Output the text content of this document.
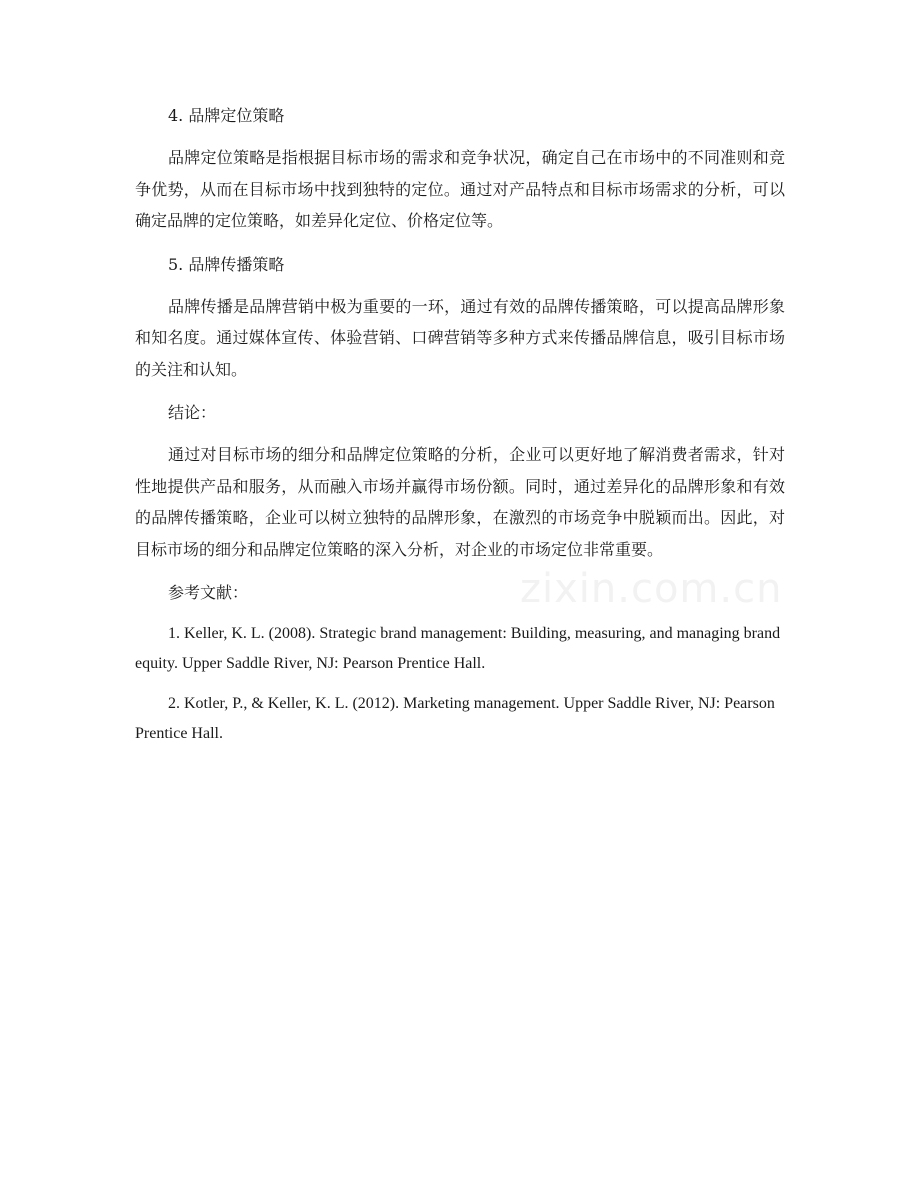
4. 品牌定位策略

品牌定位策略是指根据目标市场的需求和竞争状况，确定自己在市场中的不同准则和竞争优势，从而在目标市场中找到独特的定位。通过对产品特点和目标市场需求的分析，可以确定品牌的定位策略，如差异化定位、价格定位等。

5. 品牌传播策略

品牌传播是品牌营销中极为重要的一环，通过有效的品牌传播策略，可以提高品牌形象和知名度。通过媒体宣传、体验营销、口碑营销等多种方式来传播品牌信息，吸引目标市场的关注和认知。

结论：

通过对目标市场的细分和品牌定位策略的分析，企业可以更好地了解消费者需求，针对性地提供产品和服务，从而融入市场并赢得市场份额。同时，通过差异化的品牌形象和有效的品牌传播策略，企业可以树立独特的品牌形象，在激烈的市场竞争中脱颖而出。因此，对目标市场的细分和品牌定位策略的深入分析，对企业的市场定位非常重要。

参考文献：

1. Keller, K. L. (2008). Strategic brand management: Building, measuring, and managing brand equity. Upper Saddle River, NJ: Pearson Prentice Hall.

2. Kotler, P., & Keller, K. L. (2012). Marketing management. Upper Saddle River, NJ: Pearson Prentice Hall.

zixin.com.cn
